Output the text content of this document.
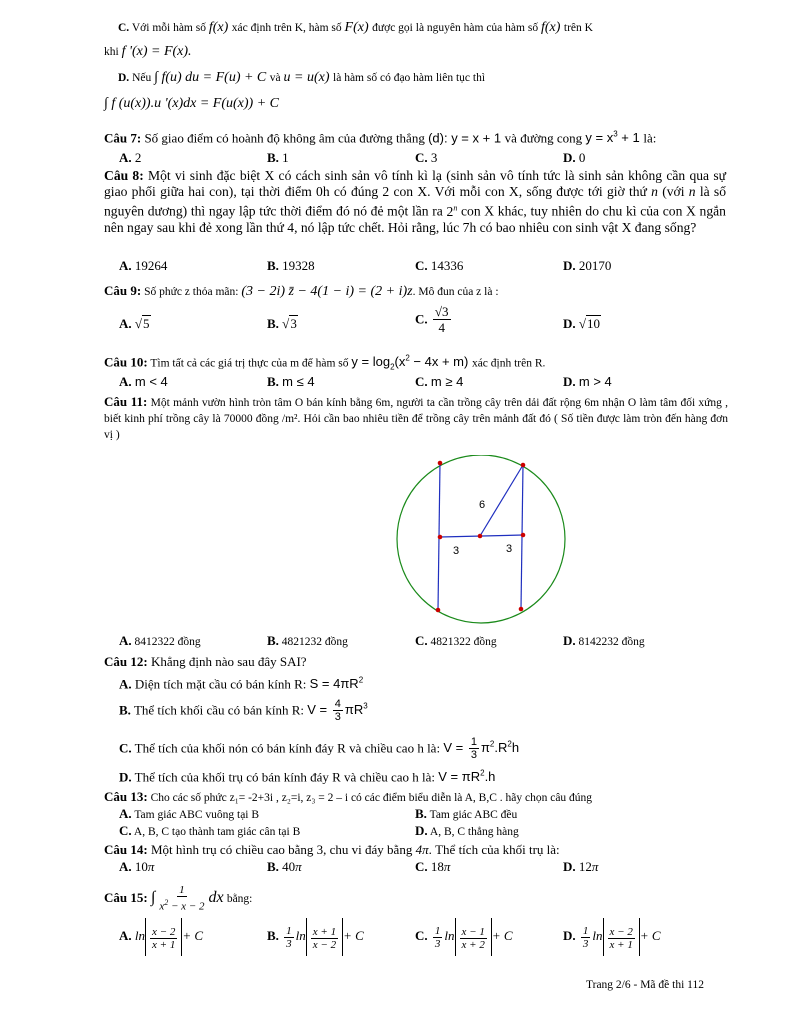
C. Với mỗi hàm số f(x) xác định trên K, hàm số F(x) được gọi là nguyên hàm của hàm số f(x) trên K
khi f '(x) = F(x).
D. Nếu ∫ f(u) du = F(u) + C và u = u(x) là hàm số có đạo hàm liên tục thì
∫ f (u(x)).u '(x)dx = F(u(x)) + C
Câu 7: Số giao điểm có hoành độ không âm của đường thẳng (d): y = x + 1 và đường cong $y = x^3 + 1$ là:
A. 2	B. 1	C. 3	D. 0
Câu 8: Một vi sinh đặc biệt X có cách sinh sản vô tính kì lạ (sinh sản vô tính tức là sinh sản không cần qua sự giao phối giữa hai con), tại thời điểm 0h có đúng 2 con X. Với mỗi con X, sống được tới giờ thứ n (với n là số nguyên dương) thì ngay lập tức thời điểm đó nó đẻ một lần ra 2$^n$ con X khác, tuy nhiên do chu kì của con X ngắn nên ngay sau khi đẻ xong lần thứ 4, nó lập tức chết. Hỏi rằng, lúc 7h có bao nhiêu con sinh vật X đang sống?
A. 19264	B. 19328	C. 14336	D. 20170
Câu 9: Số phức z thỏa mãn: (3 − 2i) z̄ − 4(1 − i) = (2 + i)z. Mô đun của z là :
A. √5	B. √3	C. $\frac{√3}{4}$	D. √10
Câu 10: Tìm tất cả các giá trị thực của m để hàm số $y = \log_2(x^2 - 4x + m)$ xác định trên R.
A. m < 4	B. m ≤ 4	C. m ≥ 4	D. m > 4
Câu 11: Một mảnh vườn hình tròn tâm O bán kính bằng 6m, người ta cần trồng cây trên dải đất rộng 6m nhận O làm tâm đối xứng , biết kinh phí trồng cây là 70000 đồng /m². Hỏi cần bao nhiêu tiền để trồng cây trên mảnh đất đó ( Số tiền được làm tròn đến hàng đơn vị )
6
3	3
A. 8412322 đồng	B. 4821232 đồng	C. 4821322 đồng	D. 8142232 đồng
Câu 12: Khẳng định nào sau đây SAI?
A. Diện tích mặt cầu có bán kính R: $S = 4\pi R^2$
B. Thể tích khối cầu có bán kính R: $V = \frac{4}{3} \pi R^3$
C. Thể tích của khối nón có bán kính đáy R và chiều cao h là: $V = \frac{1}{3} \pi^2.R^2h$
D. Thể tích của khối trụ có bán kính đáy R và chiều cao h là: $V = \pi R^2.h$
Câu 13: Cho các số phức z₁= -2+3i , z₂=i, z₃ = 2 – i có các điểm biểu diễn là A, B,C . hãy chọn câu đúng
A. Tam giác ABC vuông tại B	B. Tam giác ABC đều
C. A, B, C tạo thành tam giác cân tại B	D. A, B, C thẳng hàng
Câu 14: Một hình trụ có chiều cao bằng 3, chu vi đáy bằng 4π. Thể tích của khối trụ là:
A. 10π	B. 40π	C. 18π	D. 12π
Câu 15: ∫ $\frac{1}{x^2 - x - 2}$ dx bằng:
A. $\ln \frac{x - 2}{x + 1} + C$	B. $\frac{1}{3}$ $\ln \frac{x + 1}{x - 2} + C$	C. $\frac{1}{3}$ $\ln \frac{x - 1}{x + 2} + C$	D. $\frac{1}{3}$ $\ln \frac{x - 2}{x + 1} + C$
Trang 2/6 - Mã đề thi 112
